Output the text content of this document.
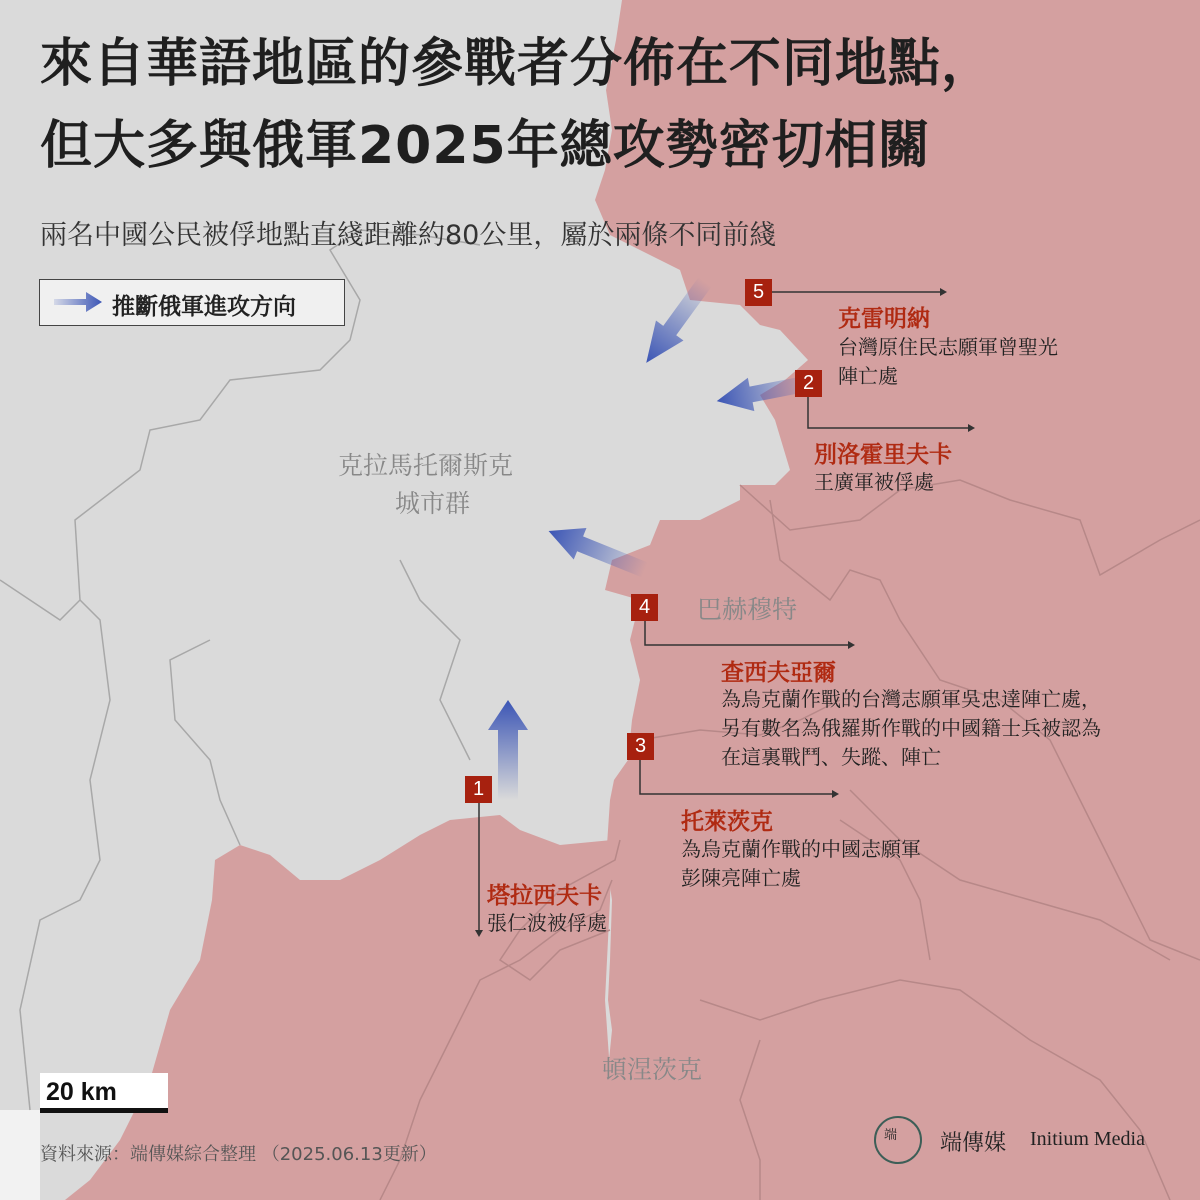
來自華語地區的參戰者分佈在不同地點，
但大多與俄軍2025年總攻勢密切相關
兩名中國公民被俘地點直綫距離約80公里，屬於兩條不同前綫
推斷俄軍進攻方向
克拉馬托爾斯克
城市群
巴赫穆特
頓涅茨克
5
克雷明納
台灣原住民志願軍曾聖光
陣亡處
2
別洛霍里夫卡
王廣軍被俘處
4
查西夫亞爾
為烏克蘭作戰的台灣志願軍吳忠達陣亡處，
另有數名為俄羅斯作戰的中國籍士兵被認為
在這裏戰鬥、失蹤、陣亡
3
托萊茨克
為烏克蘭作戰的中國志願軍
彭陳亮陣亡處
1
塔拉西夫卡
張仁波被俘處
20 km
資料來源：端傳媒綜合整理 （2025.06.13更新）
端 端傳媒 Initium Media
